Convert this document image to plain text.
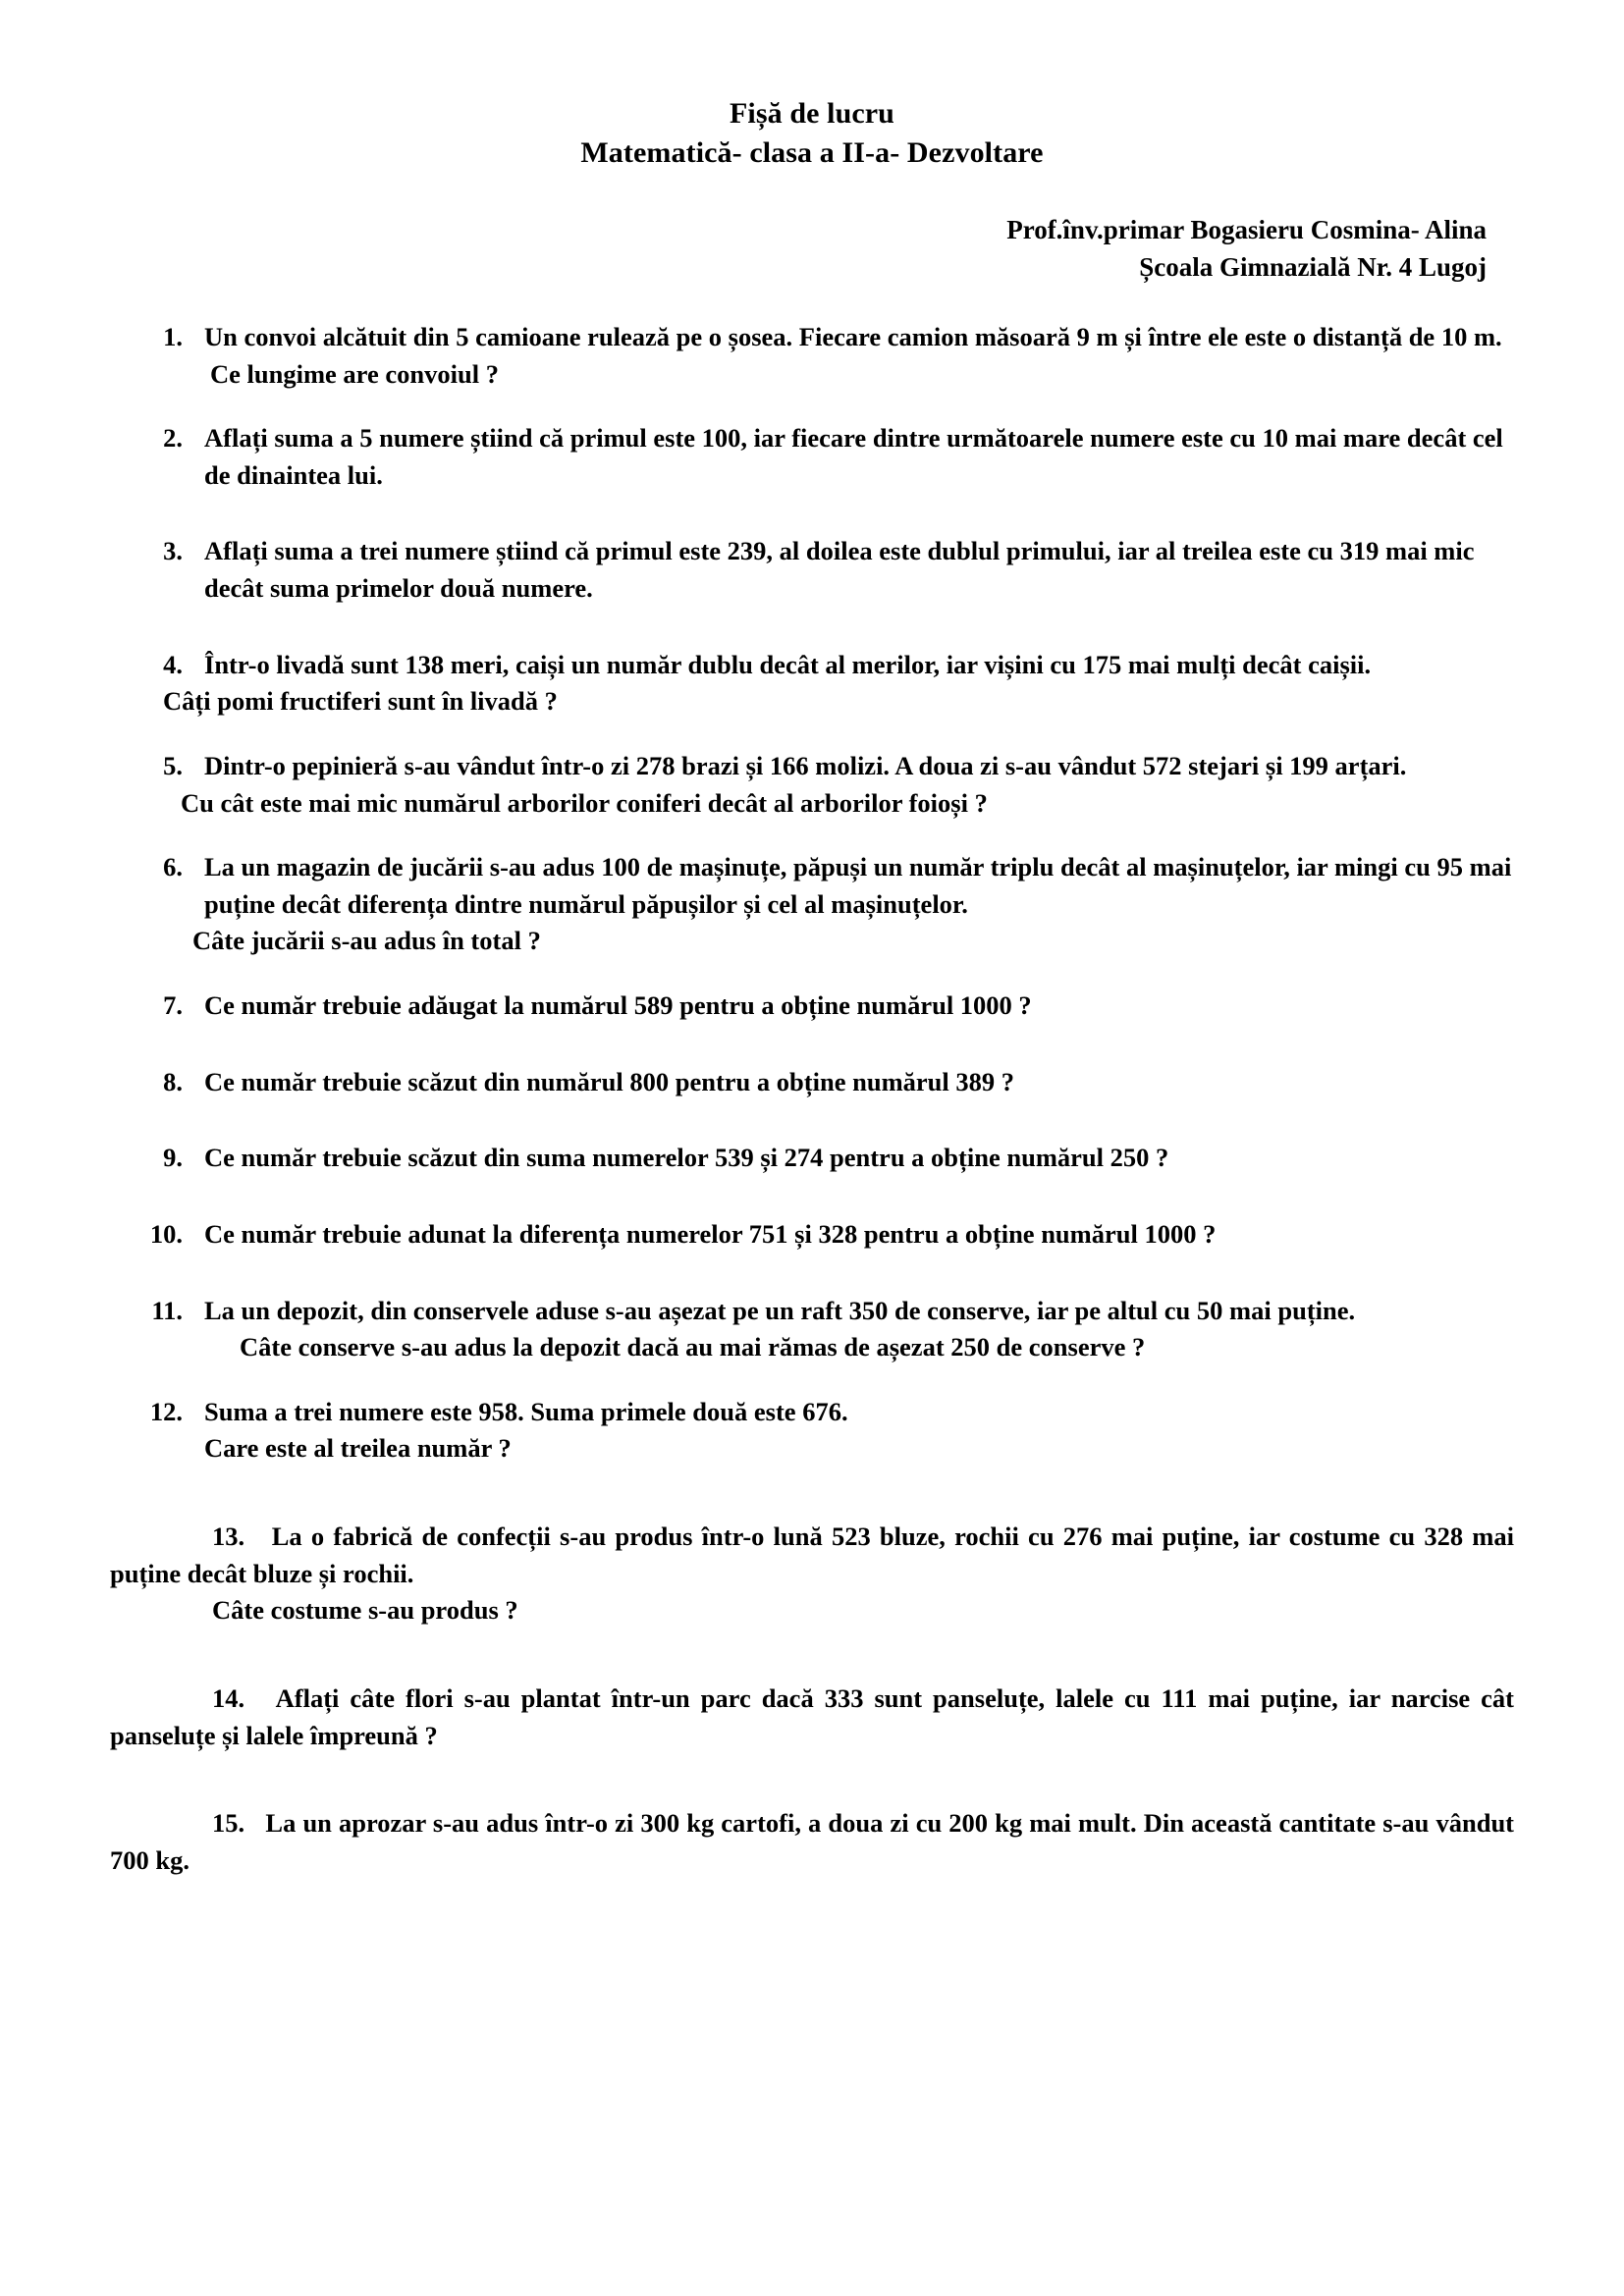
Fișă de lucru
Matematică- clasa a II-a- Dezvoltare
Prof.înv.primar Bogasieru Cosmina- Alina
Școala Gimnazială Nr. 4 Lugoj
1. Un convoi alcătuit din 5 camioane rulează pe o șosea. Fiecare camion măsoară 9 m și între ele este o distanță de 10 m.
Ce lungime are convoiul ?
2. Aflați suma a 5 numere știind că primul este 100, iar fiecare dintre următoarele numere este cu 10 mai mare decât cel de dinaintea lui.
3. Aflați suma a trei numere știind că primul este 239, al doilea este dublul primului, iar al treilea este cu 319 mai mic decât suma primelor două numere.
4. Într-o livadă sunt 138 meri, caiși un număr dublu decât al merilor, iar vișini cu 175 mai mulți decât caișii.
Câți pomi fructiferi sunt în livadă ?
5. Dintr-o pepinieră s-au vândut într-o zi 278 brazi și 166 molizi. A doua zi s-au vândut 572 stejari și 199 arțari.
Cu cât este mai mic numărul arborilor coniferi decât al arborilor foioși ?
6. La un magazin de jucării s-au adus 100 de mașinuțe, păpuși un număr triplu decât al mașinuțelor, iar mingi cu 95 mai puține decât diferența dintre numărul păpușilor și cel al mașinuțelor.
Câte jucării s-au adus în total ?
7. Ce număr trebuie adăugat la numărul 589 pentru a obține numărul 1000 ?
8. Ce număr trebuie scăzut din numărul 800 pentru a obține numărul 389 ?
9. Ce număr trebuie scăzut din suma numerelor 539 și 274 pentru a obține numărul 250 ?
10. Ce număr trebuie adunat la diferența numerelor 751 și 328 pentru a obține numărul 1000 ?
11. La un depozit, din conservele aduse s-au așezat pe un raft 350 de conserve, iar pe altul cu 50 mai puține.
Câte conserve s-au adus la depozit dacă au mai rămas de așezat 250 de conserve ?
12. Suma a trei numere este 958. Suma primele două este 676.
Care este al treilea număr ?

13. La o fabrică de confecții s-au produs într-o lună 523 bluze, rochii cu 276 mai puține, iar costume cu 328 mai puține decât bluze și rochii.

Câte costume s-au produs ?

14. Aflați câte flori s-au plantat într-un parc dacă 333 sunt panseluțe, lalele cu 111 mai puține, iar narcise cât panseluțe și lalele împreună ?

15. La un aprozar s-au adus într-o zi 300 kg cartofi, a doua zi cu 200 kg mai mult. Din această cantitate s-au vândut 700 kg.
